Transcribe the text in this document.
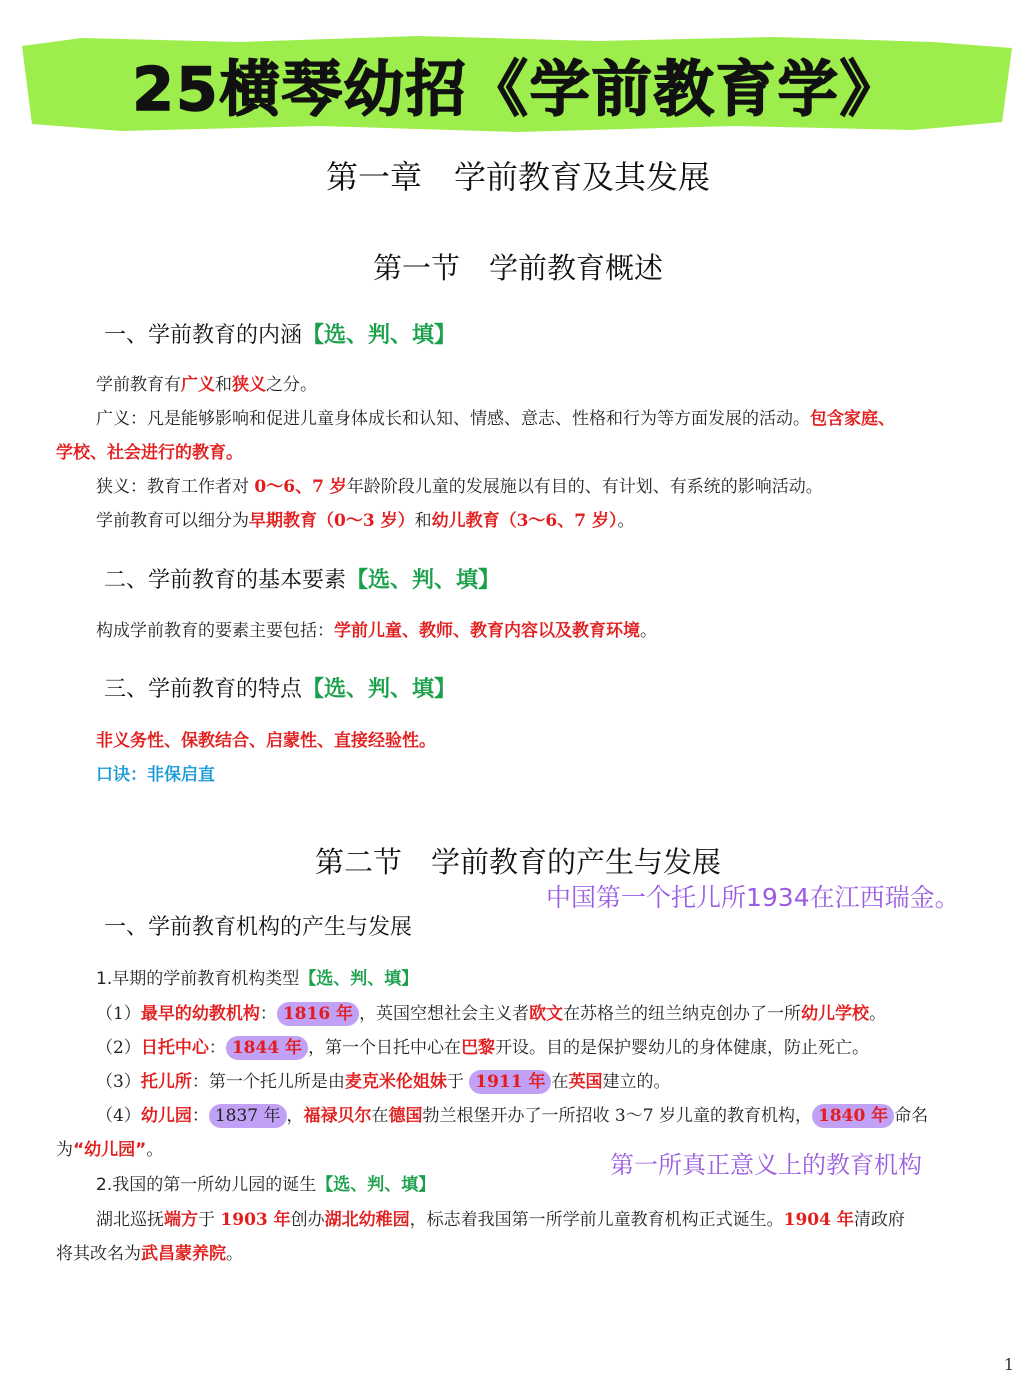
25横琴幼招《学前教育学》
第一章　学前教育及其发展
第一节　学前教育概述
一、学前教育的内涵【选、判、填】
学前教育有广义和狭义之分。
广义：凡是能够影响和促进儿童身体成长和认知、情感、意志、性格和行为等方面发展的活动。包含家庭、
学校、社会进行的教育。
狭义：教育工作者对 0～6、7 岁年龄阶段儿童的发展施以有目的、有计划、有系统的影响活动。
学前教育可以细分为早期教育（0～3 岁）和幼儿教育（3～6、7 岁）。
二、学前教育的基本要素【选、判、填】
构成学前教育的要素主要包括：学前儿童、教师、教育内容以及教育环境。
三、学前教育的特点【选、判、填】
非义务性、保教结合、启蒙性、直接经验性。
口诀：非保启直
第二节　学前教育的产生与发展
中国第一个托儿所1934在江西瑞金。
一、学前教育机构的产生与发展
1.早期的学前教育机构类型【选、判、填】
（1）最早的幼教机构： 1816 年 ，英国空想社会主义者欧文在苏格兰的纽兰纳克创办了一所幼儿学校。
（2）日托中心： 1844 年 ，第一个日托中心在巴黎开设。目的是保护婴幼儿的身体健康，防止死亡。
（3）托儿所：第一个托儿所是由麦克米伦姐妹于 1911 年 在英国建立的。
（4）幼儿园： 1837 年 ，福禄贝尔在德国勃兰根堡开办了一所招收 3～7 岁儿童的教育机构， 1840 年 命名
为“幼儿园”。
第一所真正意义上的教育机构
2.我国的第一所幼儿园的诞生【选、判、填】
湖北巡抚端方于 1903 年创办湖北幼稚园，标志着我国第一所学前儿童教育机构正式诞生。1904 年清政府
将其改名为武昌蒙养院。
1
